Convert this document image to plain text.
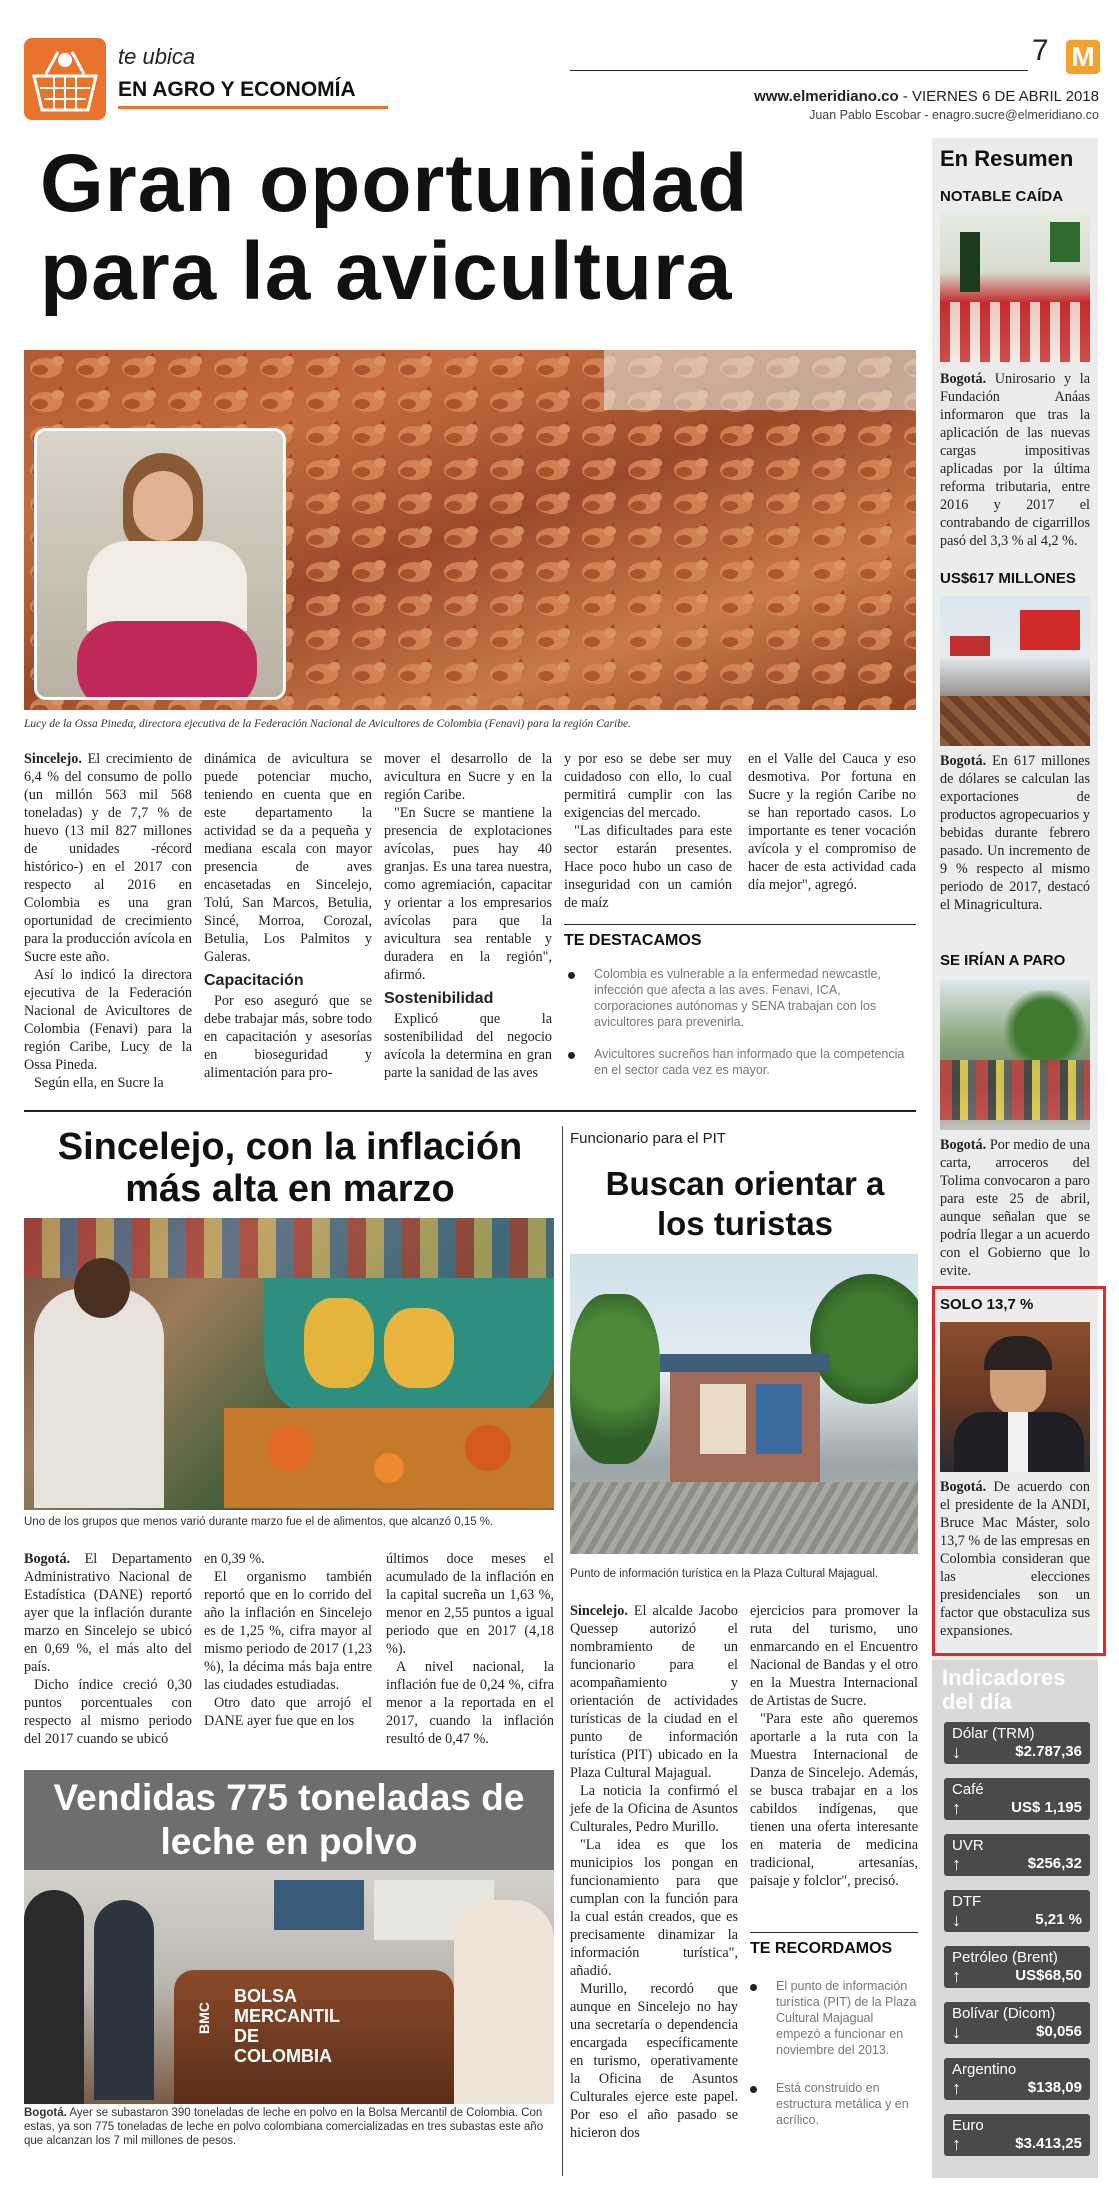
te ubica
EN AGRO Y ECONOMÍA
7 M
www.elmeridiano.co - VIERNES 6 DE ABRIL 2018
Juan Pablo Escobar - enagro.sucre@elmeridiano.co
Gran oportunidad para la avicultura
Lucy de la Ossa Pineda, directora ejecutiva de la Federación Nacional de Avicultores de Colombia (Fenavi) para la región Caribe.

Sincelejo. El crecimiento de 6,4 % del consumo de pollo (un millón 563 mil 568 toneladas) y de 7,7 % de huevo (13 mil 827 millones de unidades -récord histórico-) en el 2017 con respecto al 2016 en Colombia es una gran oportunidad de crecimiento para la producción avícola en Sucre este año.

Así lo indicó la directora ejecutiva de la Federación Nacional de Avicultores de Colombia (Fenavi) para la región Caribe, Lucy de la Ossa Pineda.

Según ella, en Sucre la

dinámica de avicultura se puede potenciar mucho, teniendo en cuenta que en este departamento la actividad se da a pequeña y mediana escala con mayor presencia de aves encasetadas en Sincelejo, Tolú, San Marcos, Betulia, Sincé, Morroa, Corozal, Betulia, Los Palmitos y Galeras.

Capacitación

Por eso aseguró que se debe trabajar más, sobre todo en capacitación y asesorías en bioseguridad y alimentación para pro-

mover el desarrollo de la avicultura en Sucre y en la región Caribe.

"En Sucre se mantiene la presencia de explotaciones avícolas, pues hay 40 granjas. Es una tarea nuestra, como agremiación, capacitar y orientar a los empresarios avícolas para que la avicultura sea rentable y duradera en la región", afirmó.

Sostenibilidad

Explicó que la sostenibilidad del negocio avícola la determina en gran parte la sanidad de las aves

y por eso se debe ser muy cuidadoso con ello, lo cual permitirá cumplir con las exigencias del mercado.

"Las dificultades para este sector estarán presentes. Hace poco hubo un caso de inseguridad con un camión de maíz

en el Valle del Cauca y eso desmotiva. Por fortuna en Sucre y la región Caribe no se han reportado casos. Lo importante es tener vocación avícola y el compromiso de hacer de esta actividad cada día mejor", agregó.

TE DESTACAMOS
Colombia es vulnerable a la enfermedad newcastle, infección que afecta a las aves. Fenavi, ICA, corporaciones autónomas y SENA trabajan con los avicultores para prevenirla.
Avicultores sucreños han informado que la competencia en el sector cada vez es mayor.
Sincelejo, con la inflación más alta en marzo
Uno de los grupos que menos varió durante marzo fue el de alimentos, que alcanzó 0,15 %.

Bogotá. El Departamento Administrativo Nacional de Estadística (DANE) reportó ayer que la inflación durante marzo en Sincelejo se ubicó en 0,69 %, el más alto del país.

Dicho índice creció 0,30 puntos porcentuales con respecto al mismo periodo del 2017 cuando se ubicó

en 0,39 %.

El organismo también reportó que en lo corrido del año la inflación en Sincelejo es de 1,25 %, cifra mayor al mismo periodo de 2017 (1,23 %), la décima más baja entre las ciudades estudiadas.

Otro dato que arrojó el DANE ayer fue que en los

últimos doce meses el acumulado de la inflación en la capital sucreña un 1,63 %, menor en 2,55 puntos a igual periodo que en 2017 (4,18 %).

A nivel nacional, la inflación fue de 0,24 %, cifra menor a la reportada en el 2017, cuando la inflación resultó de 0,47 %.

Funcionario para el PIT
Buscan orientar a los turistas
Punto de información turística en la Plaza Cultural Majagual.

Sincelejo. El alcalde Jacobo Quessep autorizó el nombramiento de un funcionario para el acompañamiento y orientación de actividades turísticas de la ciudad en el punto de información turística (PIT) ubicado en la Plaza Cultural Majagual.

La noticia la confirmó el jefe de la Oficina de Asuntos Culturales, Pedro Murillo.

"La idea es que los municipios los pongan en funcionamiento para que cumplan con la función para la cual están creados, que es precisamente dinamizar la información turística", añadió.

Murillo, recordó que aunque en Sincelejo no hay una secretaría o dependencia encargada específicamente en turismo, operativamente la Oficina de Asuntos Culturales ejerce este papel. Por eso el año pasado se hicieron dos

ejercicios para promover la ruta del turismo, uno enmarcando en el Encuentro Nacional de Bandas y el otro en la Muestra Internacional de Artistas de Sucre.

"Para este año queremos aportarle a la ruta con la Muestra Internacional de Danza de Sincelejo. Además, se busca trabajar en a los cabildos indígenas, que tienen una oferta interesante en materia de medicina tradicional, artesanías, paisaje y folclor", precisó.

TE RECORDAMOS
El punto de información turística (PIT) de la Plaza Cultural Majagual empezó a funcionar en noviembre del 2013.
Está construido en estructura metálica y en acrílico.
Vendidas 775 toneladas de leche en polvo
BMC
BOLSA
MERCANTIL
DE
COLOMBIA
Bogotá. Ayer se subastaron 390 toneladas de leche en polvo en la Bolsa Mercantil de Colombia. Con estas, ya son 775 toneladas de leche en polvo colombiana comercializadas en tres subastas este año que alcanzan los 7 mil millones de pesos.
En Resumen
NOTABLE CAÍDA

Bogotá. Unirosario y la Fundación Anáas informaron que tras la aplicación de las nuevas cargas impositivas aplicadas por la última reforma tributaria, entre 2016 y 2017 el contrabando de cigarrillos pasó del 3,3 % al 4,2 %.

US$617 MILLONES

Bogotá. En 617 millones de dólares se calculan las exportaciones de productos agropecuarios y bebidas durante febrero pasado. Un incremento de 9 % respecto al mismo periodo de 2017, destacó el Minagricultura.

SE IRÍAN A PARO

Bogotá. Por medio de una carta, arroceros del Tolima convocaron a paro para este 25 de abril, aunque señalan que se podría llegar a un acuerdo con el Gobierno que lo evite.

SOLO 13,7 %

Bogotá. De acuerdo con el presidente de la ANDI, Bruce Mac Máster, solo 13,7 % de las empresas en Colombia consideran que las elecciones presidenciales son un factor que obstaculiza sus expansiones.

Indicadores del día
Dólar (TRM)
↓	$2.787,36
Café
↑	US$ 1,195
UVR
↑	$256,32
DTF
↓	5,21 %
Petróleo (Brent)
↑	US$68,50
Bolívar (Dicom)
↓	$0,056
Argentino
↑	$138,09
Euro
↑	$3.413,25
